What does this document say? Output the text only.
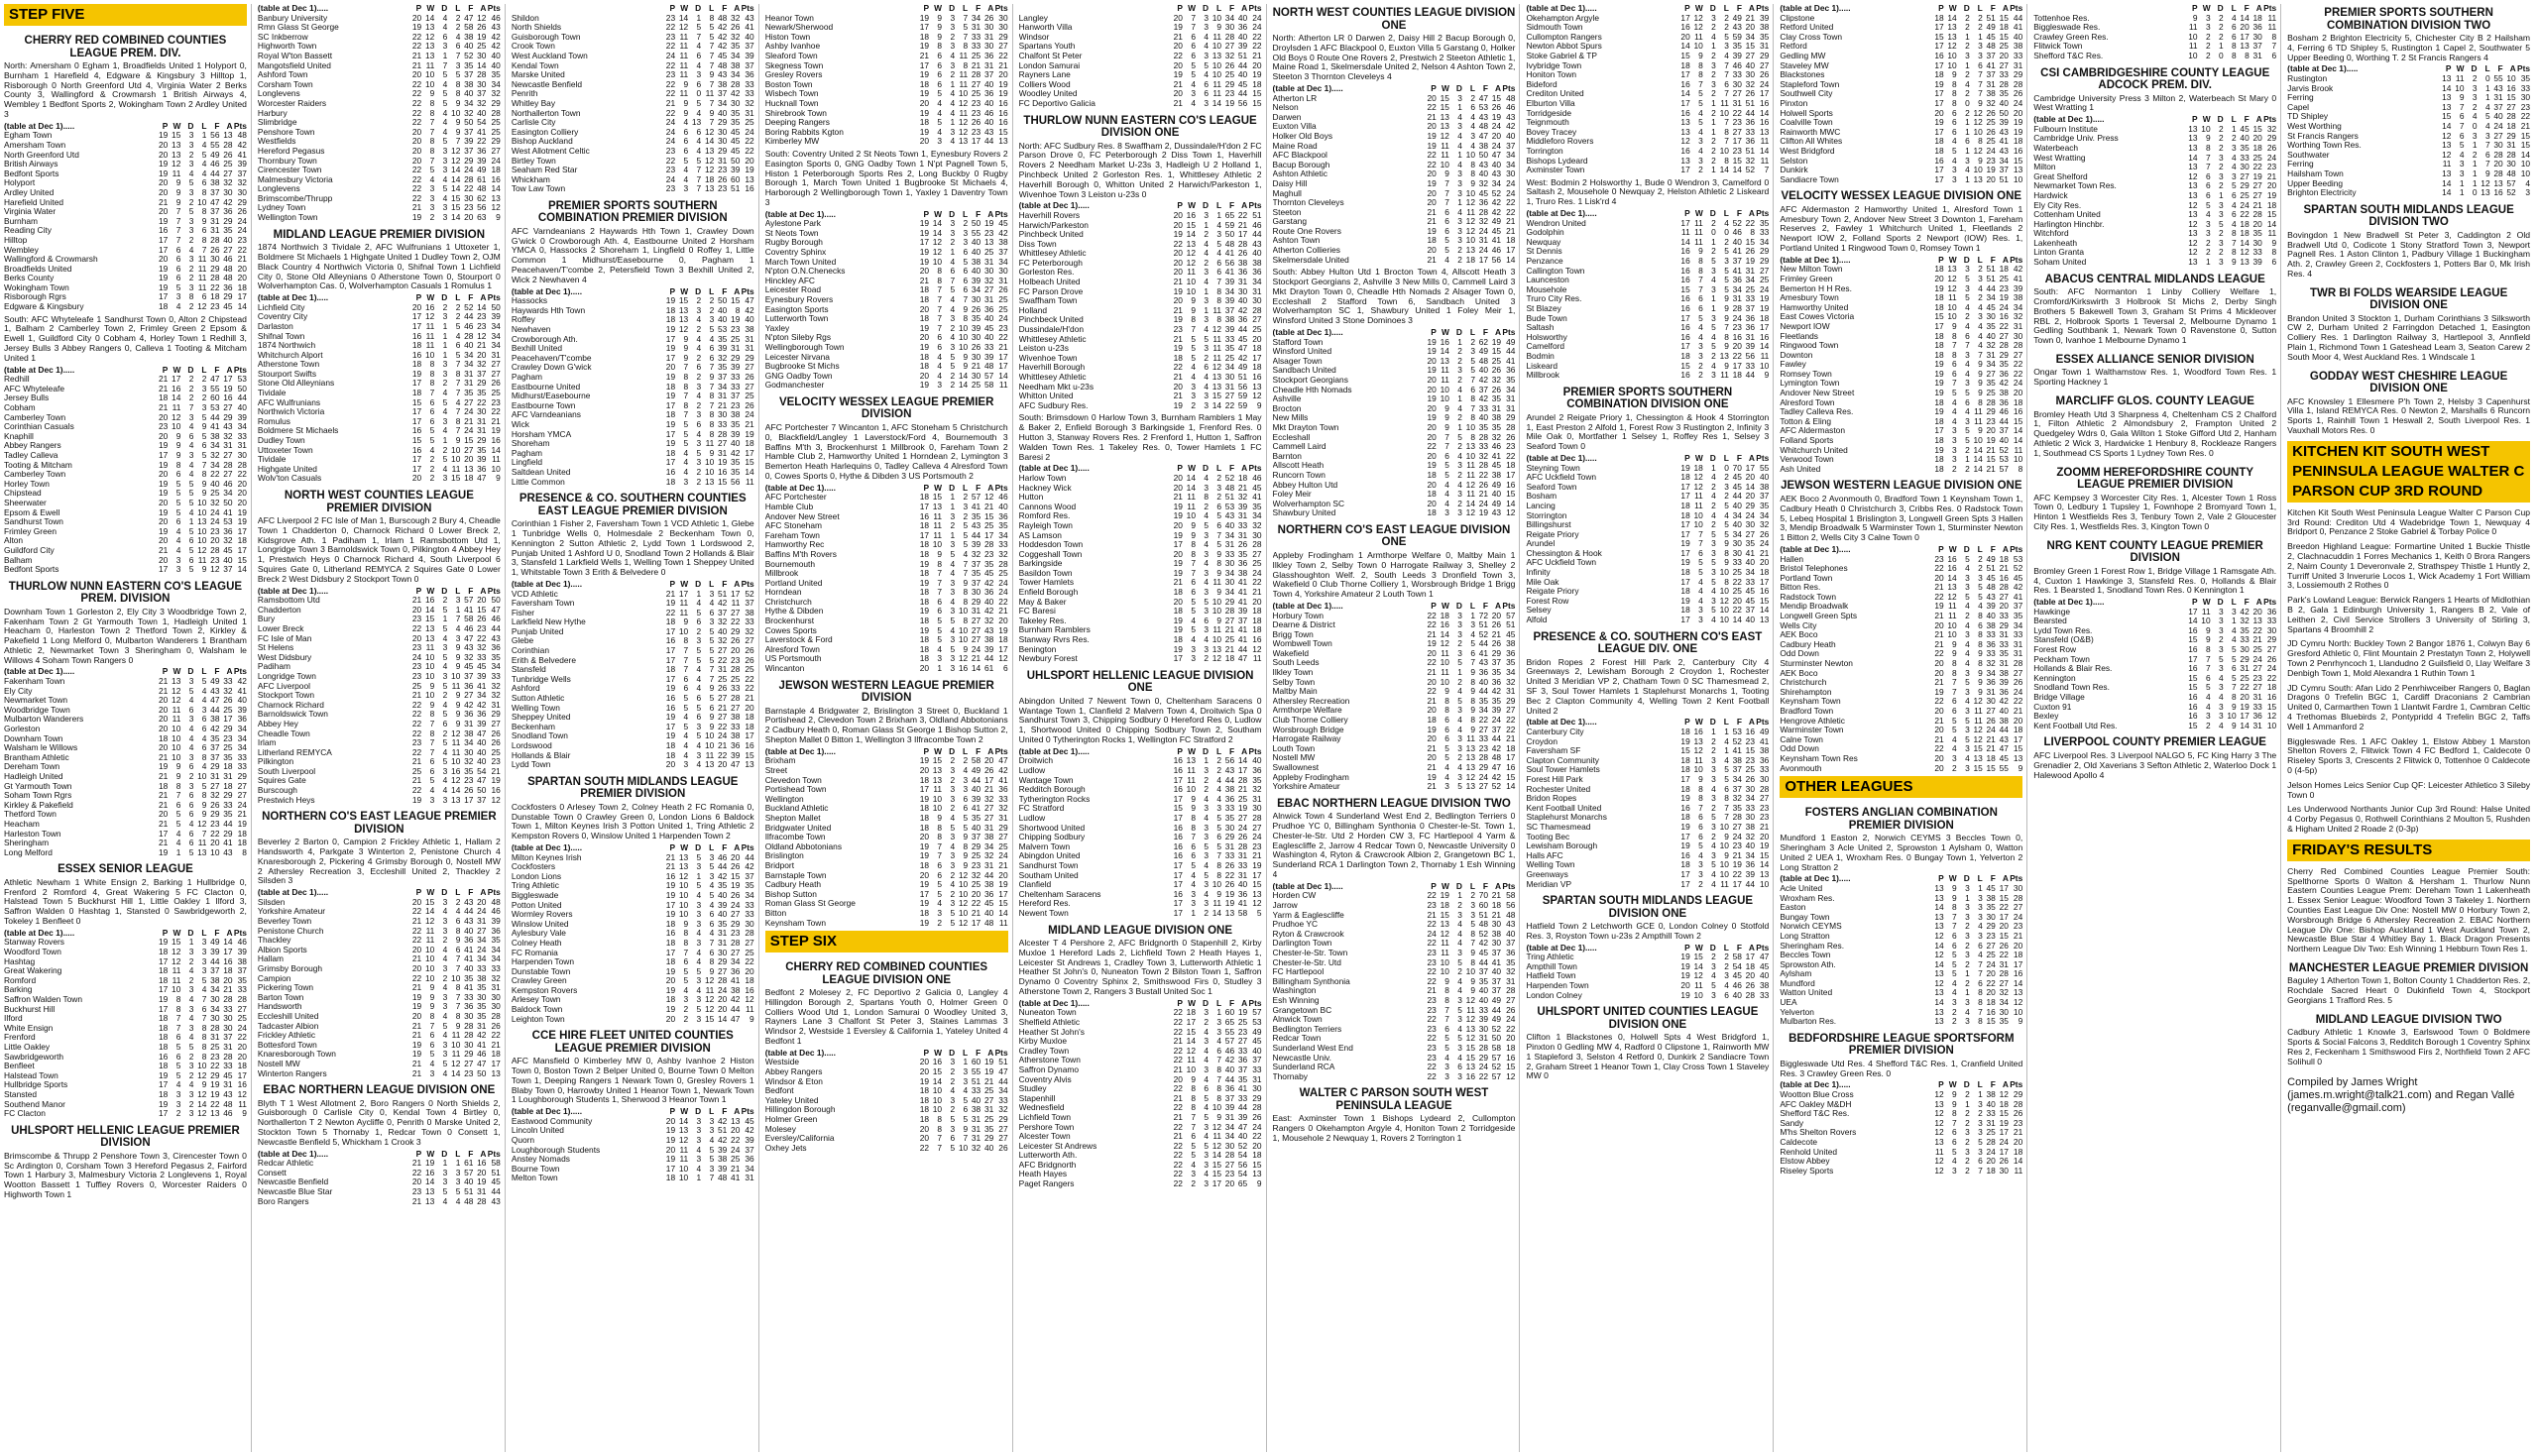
STEP FIVE
CHERRY RED COMBINED COUNTIES LEAGUE PREM. DIV.
North: Amersham 0 Egham 1, Broadfields United 1 Holyport 0, Burnham 1 Harefield 4, Edgware & Kingsbury 3 Hilltop 1, Risborough 0 North Greenford Utd 4, Virginia Water 2 Berks County 3, Wallingford & Crowmarsh 1 British Airways 4, Wembley 1 Bedfont Sports 2, Wokingham Town 2 Ardley United 3
(table at Dec 1).....	P	W	D	L	F	A	Pts
Egham Town	19	15	3	1	56	13	48
Amersham Town	20	13	3	4	55	28	42
North Greenford Utd	20	13	2	5	49	26	41
British Airways	19	12	3	4	46	25	39
Bedfont Sports	19	11	4	4	44	27	37
Holyport	20	9	5	6	38	32	32
Ardley United	20	9	3	8	37	30	30
Harefield United	21	9	2	10	47	42	29
Virginia Water	20	7	5	8	37	36	26
Burnham	19	7	3	9	31	29	24
Reading City	16	7	3	6	31	35	24
Hilltop	17	7	2	8	28	40	23
Wembley	17	6	4	7	26	27	22
Wallingford & Crowmarsh	20	6	3	11	30	46	21
Broadfields United	19	6	2	11	29	48	20
Berks County	19	6	2	11	28	48	20
Wokingham Town	19	5	3	11	22	36	18
Risborough Rgrs	17	3	8	6	18	29	17
Edgware & Kingsbury	18	4	2	12	23	45	14
South: AFC Whyteleafe 1 Sandhurst Town 0, Alton 2 Chipstead 1, Balham 2 Camberley Town 2, Frimley Green 2 Epsom & Ewell 1, Guildford City 0 Cobham 4, Horley Town 1 Redhill 3, Jersey Bulls 3 Abbey Rangers 0, Calleva 1 Tooting & Mitcham United 1
(table at Dec 1).....	P	W	D	L	F	A	Pts
Redhill	21	17	2	2	47	17	53
AFC Whyteleafe	21	16	2	3	55	19	50
Jersey Bulls	18	14	2	2	60	16	44
Cobham	21	11	7	3	53	27	40
Camberley Town	20	12	3	5	44	29	39
Corinthian Casuals	23	10	4	9	41	43	34
Knaphill	20	9	6	5	38	32	33
Abbey Rangers	19	9	4	6	34	31	31
Tadley Calleva	17	9	3	5	32	27	30
Tooting & Mitcham	19	8	4	7	34	28	28
Camberley Town	20	6	4	8	22	27	22
Horley Town	19	5	5	9	40	46	20
Chipstead	19	5	5	9	25	34	20
Sheerwater	20	5	5	10	32	50	20
Epsom & Ewell	19	5	4	10	24	41	19
Sandhurst Town	20	6	1	13	24	53	19
Frimley Green	19	4	5	10	23	36	17
Alton	20	4	6	10	20	32	18
Guildford City	21	4	5	12	28	45	17
Balham	20	3	6	11	23	40	15
Bedfont Sports	17	3	5	9	12	37	14
THURLOW NUNN EASTERN CO'S LEAGUE PREM. DIVISION
Downham Town 1 Gorleston 2, Ely City 3 Woodbridge Town 2, Fakenham Town 2 Gt Yarmouth Town 1, Hadleigh United 1 Heacham 0, Harleston Town 2 Thetford Town 2, Kirkley & Pakefield 1 Long Melford 0, Mulbarton Wanderers 1 Brantham Athletic 2, Newmarket Town 3 Sheringham 0, Walsham le Willows 4 Soham Town Rangers 0
(table at Dec 1).....	P	W	D	L	F	A	Pts
Fakenham Town	21	13	3	5	49	33	42
Ely City	21	12	5	4	43	32	41
Newmarket Town	20	12	4	4	47	26	40
Woodbridge Town	20	11	6	3	44	25	39
Mulbarton Wanderers	20	11	3	6	38	17	36
Gorleston	20	10	4	6	42	29	34
Downham Town	18	10	4	4	35	23	34
Walsham le Willows	20	10	4	6	37	25	34
Brantham Athletic	21	10	3	8	37	35	33
Dereham Town	19	9	6	4	29	18	33
Hadleigh United	21	9	2	10	31	31	29
Gt Yarmouth Town	18	8	3	5	27	18	27
Soham Town Rgrs	21	7	6	8	32	29	27
Kirkley & Pakefield	21	6	6	9	26	33	24
Thetford Town	20	5	6	9	29	35	21
Heacham	21	5	4	12	23	44	19
Harleston Town	17	4	6	7	22	29	18
Sheringham	21	4	6	11	20	41	18
Long Melford	19	1	5	13	10	43	8
ESSEX SENIOR LEAGUE
Athletic Newham 1 White Ensign 2, Barking 1 Hullbridge 0, Frenford 2 Romford 4, Great Wakering 5 FC Clacton 0, Halstead Town 5 Buckhurst Hill 1, Little Oakley 1 Ilford 3, Saffron Walden 0 Hashtag 1, Stansted 0 Sawbridgeworth 2, Tokeley 1 Benfleet 0
(table at Dec 1).....	P	W	D	L	F	A	Pts
Stanway Rovers	19	15	1	3	49	14	46
Woodford Town	18	12	3	3	39	17	39
Hashtag	17	12	2	3	44	16	38
Great Wakering	18	11	4	3	37	18	37
Romford	18	11	2	5	38	20	35
Barking	17	10	3	4	34	21	33
Saffron Walden Town	19	8	4	7	30	28	28
Buckhurst Hill	17	8	3	6	34	33	27
Ilford	18	7	4	7	30	30	25
White Ensign	18	7	3	8	28	30	24
Frenford	18	6	4	8	31	37	22
Little Oakley	18	5	5	8	25	31	20
Sawbridgeworth	16	6	2	8	23	28	20
Benfleet	18	5	3	10	22	33	18
Halstead Town	19	5	2	12	29	45	17
Hullbridge Sports	17	4	4	9	19	31	16
Stansted	18	3	3	12	19	43	12
Southend Manor	19	3	2	14	22	48	11
FC Clacton	17	2	3	12	13	46	9
UHLSPORT HELLENIC LEAGUE PREMIER DIVISION
Brimscombe & Thrupp 2 Penshore Town 3, Cirencester Town 0 Sc Ardington 0, Corsham Town 3 Hereford Pegasus 2, Fairford Town 1 Harbury 3, Malmesbury Victoria 2 Longlevens 1, Royal Wootton Bassett 1 Tuffley Rovers 0, Worcester Raiders 0 Highworth Town 1
(table at Dec 1).....	P	W	D	L	F	A	Pts
Banbury University	20	14	4	2	47	12	46
Rmn Glass St George	19	13	4	2	58	26	43
SC Inkberrow	22	12	6	4	38	19	42
Highworth Town	22	13	3	6	40	25	42
Royal W'ton Bassett	21	13	1	7	52	30	40
Mangotsfield United	21	11	7	3	35	14	40
Ashford Town	20	10	5	5	37	28	35
Corsham Town	22	10	4	8	38	30	34
Longlevens	22	9	5	8	40	37	32
Worcester Raiders	22	8	5	9	34	32	29
Harbury	22	8	4	10	32	40	28
Slimbridge	22	7	4	9	50	54	25
Penshore Town	20	7	4	9	37	41	25
Westfields	20	8	5	7	39	22	29
Hereford Pegasus	20	8	3	12	37	36	27
Thornbury Town	20	7	3	12	29	39	24
Cirencester Town	22	5	3	14	24	49	18
Malmesbury Victoria	22	4	4	14	28	61	16
Longlevens	22	3	5	14	22	48	14
Brimscombe/Thrupp	22	3	4	15	30	62	13
Lydney Town	21	3	3	15	23	56	12
Wellington Town	19	2	3	14	20	63	9
MIDLAND LEAGUE PREMIER DIVISION
1874 Northwich 3 Tividale 2, AFC Wulfrunians 1 Uttoxeter 1, Boldmere St Michaels 1 Highgate United 1 Dudley Town 2, OJM Black Country 4 Northwich Victoria 0, Shifnal Town 1 Lichfield City 0, Stone Old Alleynians 0 Atherstone Town 0, Stourport 0 Wolverhampton Cas. 0, Wolverhampton Casuals 1 Romulus 1
(table at Dec 1).....	P	W	D	L	F	A	Pts
Lichfield City	20	16	2	2	52	14	50
Coventry City	17	12	3	2	44	23	39
Darlaston	17	11	1	5	46	23	34
Shifnal Town	16	11	1	4	28	12	34
1874 Northwich	18	11	1	6	40	21	34
Whitchurch Alport	16	10	1	5	34	20	31
Atherstone Town	18	8	3	7	34	32	27
Stourport Swifts	19	8	3	8	31	37	27
Stone Old Alleynians	17	8	2	7	31	29	26
Tividale	18	7	4	7	35	35	25
AFC Wulfrunians	15	6	5	4	27	22	23
Northwich Victoria	17	6	4	7	24	30	22
Romulus	17	6	3	8	21	31	21
Boldmere St Michaels	16	5	4	7	24	31	19
Dudley Town	15	5	1	9	15	29	16
Uttoxeter Town	16	4	2	10	27	35	14
Tividale	17	2	5	10	20	39	11
Highgate United	17	2	4	11	13	36	10
Wolv'ton Casuals	20	2	3	15	18	47	9
NORTH WEST COUNTIES LEAGUE PREMIER DIVISION
AFC Liverpool 2 FC Isle of Man 1, Burscough 2 Bury 4, Cheadle Town 1 Chadderton 0, Charnock Richard 0 Lower Breck 2, Kidsgrove Ath. 1 Padiham 1, Irlam 1 Ramsbottom Utd 1, Longridge Town 3 Barnoldswick Town 0, Pilkington 4 Abbey Hey 1, Prestwich Heys 0 Charnock Richard 4, South Liverpool 6 Squires Gate 0, Litherland REMYCA 2 Squires Gate 0 Lower Breck 2 West Didsbury 2 Stockport Town 0
(table at Dec 1).....	P	W	D	L	F	A	Pts
Ramsbottom Utd	21	16	2	3	57	20	50
Chadderton	20	14	5	1	41	15	47
Bury	23	15	1	7	58	26	46
Lower Breck	22	13	5	4	46	23	44
FC Isle of Man	20	13	4	3	47	22	43
St Helens	23	11	3	9	43	32	36
West Didsbury	24	10	5	9	32	33	35
Padiham	23	10	4	9	45	45	34
Longridge Town	23	10	3	10	37	39	33
AFC Liverpool	25	9	5	11	36	41	32
Stockport Town	21	10	2	9	27	34	32
Charnock Richard	22	9	4	9	42	42	31
Barnoldswick Town	22	8	5	9	36	36	29
Abbey Hey	22	7	6	9	31	39	27
Cheadle Town	22	8	2	12	38	47	26
Irlam	23	7	5	11	34	40	26
Litherland REMYCA	22	7	4	11	30	40	25
Pilkington	21	6	5	10	32	40	23
South Liverpool	25	6	3	16	35	54	21
Squires Gate	21	5	4	12	23	47	19
Burscough	22	4	4	14	26	50	16
Prestwich Heys	19	3	3	13	17	37	12
NORTHERN CO'S EAST LEAGUE PREMIER DIVISION
Beverley 2 Barton 0, Campion 2 Frickley Athletic 1, Hallam 2 Handsworth 4, Parkgate 3 Winterton 2, Penistone Church 4 Knaresborough 2, Pickering 4 Grimsby Borough 0, Nostell MW 2 Athersley Recreation 3, Eccleshill United 2, Thackley 2 Silsden 3
(table at Dec 1).....	P	W	D	L	F	A	Pts
Silsden	20	15	3	2	43	20	48
Yorkshire Amateur	22	14	4	4	44	24	46
Beverley Town	21	12	3	6	43	31	39
Penistone Church	22	11	3	8	40	27	36
Thackley	22	11	2	9	36	34	35
Albion Sports	20	10	4	6	41	24	34
Hallam	21	10	4	7	41	34	34
Grimsby Borough	20	10	3	7	40	33	33
Campion	22	10	2	10	35	38	32
Pickering Town	21	9	4	8	41	35	31
Barton Town	19	9	3	7	33	30	30
Handsworth	19	9	3	7	36	35	30
Eccleshill United	20	8	4	8	30	35	28
Tadcaster Albion	21	7	5	9	28	31	26
Frickley Athletic	21	6	4	11	28	42	22
Bottesford Town	19	6	3	10	30	41	21
Knaresborough Town	19	5	3	11	29	46	18
Nostell MW	21	4	5	12	27	47	17
Winterton Rangers	21	3	4	14	23	50	13
EBAC NORTHERN LEAGUE DIVISION ONE
Blyth T 1 West Allotment 2, Boro Rangers 0 North Shields 2, Guisborough 0 Carlisle City 0, Kendal Town 4 Birtley 0, Northallerton T 2 Newton Aycliffe 0, Penrith 0 Marske United 2, Stockton Town 5 Thornaby 1, Redcar Town 0 Consett 1, Newcastle Benfield 5, Whickham 1 Crook 3
(table at Dec 1).....	P	W	D	L	F	A	Pts
Redcar Athletic	21	19	1	1	61	16	58
Consett	22	16	3	3	57	20	51
Newcastle Benfield	20	14	3	3	40	19	45
Newcastle Blue Star	23	13	5	5	51	31	44
Boro Rangers	21	13	4	4	48	28	43
	P	W	D	L	F	A	Pts
Shildon	23	14	1	8	48	32	43
North Shields	22	12	5	5	42	26	41
Guisborough Town	23	11	7	5	42	32	40
Crook Town	22	11	4	7	42	35	37
West Auckland Town	24	11	6	7	45	34	39
Kendal Town	22	11	4	7	48	38	37
Marske United	23	11	3	9	43	34	36
Newcastle Benfield	22	9	6	7	38	28	33
Penrith	22	11	0	11	37	42	33
Whitley Bay	21	9	5	7	34	30	32
Northallerton Town	22	9	4	9	40	35	31
Carlisle City	24	4	13	7	29	35	25
Easington Colliery	24	6	6	12	30	45	24
Bishop Auckland	24	6	4	14	30	45	22
West Allotment Celtic	23	6	4	13	29	45	22
Birtley Town	22	5	5	12	31	50	20
Seaham Red Star	23	4	7	12	23	39	19
Whickham	24	4	7	18	26	60	13
Tow Law Town	23	3	7	13	23	51	16
PREMIER SPORTS SOUTHERN COMBINATION PREMIER DIVISION
AFC Varndeanians 2 Haywards Hth Town 1, Crawley Down G'wick 0 Crowborough Ath. 4, Eastbourne United 2 Horsham YMCA 0, Hassocks 2 Shoreham 1, Lingfield 0 Roffey 1, Little Common 1 Midhurst/Easebourne 0, Pagham 1 Peacehaven/T'combe 2, Petersfield Town 3 Bexhill United 2, Wick 2 Newhaven 4
(table at Dec 1).....	P	W	D	L	F	A	Pts
Hassocks	19	15	2	2	50	15	47
Haywards Hth Town	18	13	3	2	40	8	42
Roffey	18	13	4	3	40	19	40
Newhaven	19	12	2	5	53	23	38
Crowborough Ath.	17	9	4	4	35	25	31
Bexhill United	19	9	4	6	39	31	31
Peacehaven/T'combe	17	9	2	6	32	29	29
Crawley Down G'wick	20	7	6	7	35	39	27
Pagham	19	8	2	9	37	33	26
Eastbourne United	18	8	3	7	34	33	27
Midhurst/Easebourne	19	7	4	8	31	37	25
Eastbourne Town	17	8	2	7	21	23	26
AFC Varndeanians	18	7	3	8	30	38	24
Wick	19	5	6	8	33	35	21
Horsham YMCA	17	5	4	8	28	39	19
Shoreham	19	5	3	11	27	40	18
Pagham	18	4	5	9	31	42	17
Lingfield	17	4	3	10	19	35	15
Saltdean United	16	4	2	10	16	35	14
Little Common	18	3	2	13	15	56	11
PRESENCE & CO. SOUTHERN COUNTIES EAST LEAGUE PREMIER DIVISION
Corinthian 1 Fisher 2, Faversham Town 1 VCD Athletic 1, Glebe 1 Tunbridge Wells 0, Holmesdale 2 Beckenham Town 0, Kennington 2 Sutton Athletic 2, Lydd Town 1 Lordswood 2, Punjab United 1 Ashford U 0, Snodland Town 2 Hollands & Blair 3, Stansfeld 1 Larkfield Wells 1, Welling Town 1 Sheppey United 1, Whitstable Town 3 Erith & Belvedere 0
(table at Dec 1).....	P	W	D	L	F	A	Pts
VCD Athletic	21	17	1	3	51	17	52
Faversham Town	19	11	4	4	42	11	37
Fisher	22	11	5	6	37	27	38
Larkfield New Hythe	18	9	6	3	32	22	33
Punjab United	17	10	2	5	40	29	32
Glebe	16	8	3	5	32	26	27
Corinthian	17	7	5	5	27	20	26
Erith & Belvedere	17	7	5	5	22	23	26
Stansfeld	18	7	4	7	31	28	25
Tunbridge Wells	17	6	4	7	25	25	22
Ashford	19	6	4	9	26	33	22
Sutton Athletic	16	5	6	5	27	28	21
Welling Town	16	5	5	6	21	27	20
Sheppey United	19	4	6	9	27	38	18
Beckenham	17	5	3	9	22	33	18
Snodland Town	19	4	5	10	24	38	17
Lordswood	18	4	4	10	21	36	16
Hollands & Blair	18	4	3	11	22	39	15
Lydd Town	20	3	4	13	20	47	13
SPARTAN SOUTH MIDLANDS LEAGUE PREMIER DIVISION
Cockfosters 0 Arlesey Town 2, Colney Heath 2 FC Romania 0, Dunstable Town 0 Crawley Green 0, London Lions 6 Baldock Town 1, Milton Keynes Irish 3 Potton United 1, Tring Athletic 2 Kempston Rovers 0, Winslow United 1 Harpenden Town 2
(table at Dec 1).....	P	W	D	L	F	A	Pts
Milton Keynes Irish	21	13	5	3	46	20	44
Cockfosters	21	13	3	5	44	26	42
London Lions	16	12	1	3	42	15	37
Tring Athletic	19	10	5	4	35	19	35
Biggleswade	19	10	4	5	40	26	34
Potton United	17	10	3	4	39	24	33
Wormley Rovers	19	10	3	6	40	27	33
Winslow United	18	9	3	6	35	29	30
Aylesbury Vale	16	8	4	4	31	23	28
Colney Heath	18	8	3	7	31	28	27
FC Romania	17	7	4	6	30	27	25
Harpenden Town	18	6	4	8	29	34	22
Dunstable Town	19	5	5	9	27	36	20
Crawley Green	20	5	3	12	28	41	18
Kempston Rovers	19	4	4	11	24	38	16
Arlesey Town	18	3	3	12	20	42	12
Baldock Town	19	2	5	12	20	44	11
Leighton Town	20	2	3	15	14	47	9
CCE HIRE FLEET UNITED COUNTIES LEAGUE PREMIER DIVISION
AFC Mansfield 0 Kimberley MW 0, Ashby Ivanhoe 2 Histon Town 0, Boston Town 2 Belper United 0, Bourne Town 0 Melton Town 1, Deeping Rangers 1 Newark Town 0, Gresley Rovers 1 Blaby Town 0, Harrowby United 1 Heanor Town 1, Newark Town 1 Loughborough Students 1, Sherwood 3 Heanor Town 1
(table at Dec 1).....	P	W	D	L	F	A	Pts
Eastwood Community	20	14	3	3	42	13	45
Lincoln United	19	13	3	3	51	20	42
Quorn	19	12	3	4	42	22	39
Loughborough Students	20	11	4	5	39	24	37
Anstey Nomads	19	11	3	5	38	25	36
Bourne Town	17	10	4	3	39	21	34
Melton Town	18	10	1	7	48	41	31
	P	W	D	L	F	A	Pts
Heanor Town	19	9	3	7	34	26	30
Newark/Sherwood	17	9	3	5	31	30	30
Histon Town	18	9	2	7	33	31	29
Ashby Ivanhoe	19	8	3	8	33	30	27
Sleaford Town	21	6	4	11	25	36	22
Skegness Town	17	6	3	8	21	31	21
Gresley Rovers	19	6	2	11	28	37	20
Boston Town	18	6	1	11	27	40	19
Wisbech Town	19	5	4	10	25	36	19
Hucknall Town	20	4	4	12	23	40	16
Shirebrook Town	19	4	4	11	23	46	16
Deeping Rangers	18	5	1	12	26	40	16
Boring Rabbits Kgton	19	4	3	12	23	43	15
Kimberley MW	20	3	4	13	17	44	13
South: Coventry United 2 St Neots Town 1, Eynesbury Rovers 2 Easington Sports 0, GNG Oadby Town 1 N'pt Pagnell Town 5, Histon 1 Peterborough Sports Res 2, Long Buckby 0 Rugby Borough 1, March Town United 1 Bugbrooke St Michaels 4, Harborough 2 Wellingborough Town 1, Yaxley 1 Daventry Town 3
(table at Dec 1).....	P	W	D	L	F	A	Pts
Aylestone Park	19	14	3	2	50	19	45
St Neots Town	19	14	3	3	55	23	42
Rugby Borough	17	12	2	3	40	13	38
Coventry Sphinx	19	12	1	6	40	25	37
March Town United	19	10	4	5	38	31	34
N'pton O.N.Chenecks	20	8	6	6	40	30	30
Hinckley AFC	21	8	7	6	39	32	31
Leicester Road	18	7	5	6	34	27	26
Eynesbury Rovers	18	7	4	7	30	31	25
Easington Sports	20	7	4	9	26	36	25
Lutterworth Town	18	7	3	8	35	40	24
Yaxley	19	7	2	10	39	45	23
N'pton Sileby Rgs	20	6	4	10	30	40	22
Wellingborough Town	19	6	3	10	26	33	21
Leicester Nirvana	18	4	5	9	30	39	17
Bugbrooke St Michs	18	4	5	9	21	48	17
GNG Oadby Town	20	4	2	14	30	57	14
Godmanchester	19	3	2	14	25	58	11
VELOCITY WESSEX LEAGUE PREMIER DIVISION
AFC Portchester 7 Wincanton 1, AFC Stoneham 5 Christchurch 0, Blackfield/Langley 1 Laverstock/Ford 4, Bournemouth 3 Baffins M'th 3, Brockenhurst 1 Millbrook 0, Fareham Town 2 Hamble Club 2, Hamworthy United 1 Horndean 2, Lymington 3 Bemerton Heath Harlequins 0, Tadley Calleva 4 Alresford Town 0, Cowes Sports 0, Hythe & Dibden 3 US Portsmouth 2
(table at Dec 1).....	P	W	D	L	F	A	Pts
AFC Portchester	18	15	1	2	57	12	46
Hamble Club	17	13	1	3	41	21	40
Andover New Street	16	11	3	2	35	15	36
AFC Stoneham	18	11	2	5	43	25	35
Fareham Town	17	11	1	5	44	17	34
Hamworthy Rec	18	10	3	5	39	28	33
Baffins M'th Rovers	18	9	5	4	32	23	32
Bournemouth	19	8	4	7	37	35	28
Millbrook	18	7	4	7	35	45	25
Portland United	19	7	3	9	37	42	24
Horndean	18	7	3	8	30	36	24
Christchurch	18	6	4	8	29	40	22
Hythe & Dibden	19	6	3	10	31	42	21
Brockenhurst	18	5	5	8	27	32	20
Cowes Sports	19	5	4	10	27	43	19
Laverstock & Ford	18	5	3	10	27	38	18
Alresford Town	18	4	5	9	24	39	17
US Portsmouth	18	3	3	12	21	44	12
Wincanton	20	1	3	16	14	61	6
JEWSON WESTERN LEAGUE PREMIER DIVISION
Barnstaple 4 Bridgwater 2, Brislington 3 Street 0, Buckland 1 Portishead 2, Clevedon Town 2 Brixham 3, Oldland Abbotonians 2 Cadbury Heath 0, Roman Glass St George 1 Bishop Sutton 2, Shepton Mallet 0 Bitton 1, Wellington 3 Ilfracombe Town 2
(table at Dec 1).....	P	W	D	L	F	A	Pts
Brixham	19	15	2	2	58	20	47
Street	20	13	3	4	49	26	42
Clevedon Town	18	13	2	3	44	17	41
Portishead Town	17	11	3	3	40	21	36
Wellington	19	10	3	6	39	32	33
Buckland Athletic	18	10	2	6	41	27	32
Shepton Mallet	18	9	4	5	35	27	31
Bridgwater United	18	8	5	5	40	31	29
Ilfracombe Town	20	8	3	9	37	38	27
Oldland Abbotonians	19	7	4	8	29	34	25
Brislington	19	7	3	9	25	32	24
Bridport	18	6	3	9	23	31	21
Barnstaple Town	20	6	2	12	32	44	20
Cadbury Heath	19	5	4	10	25	38	19
Bishop Sutton	17	5	2	10	20	36	17
Roman Glass St George	19	4	3	12	22	45	15
Bitton	18	3	5	10	21	40	14
Keynsham Town	19	2	5	12	17	48	11
STEP SIX
CHERRY RED COMBINED COUNTIES LEAGUE DIVISION ONE
Bedfont 2 Molesey 2, FC Deportivo 2 Galicia 0, Langley 4 Hillingdon Borough 2, Spartans Youth 0, Holmer Green 0 Colliers Wood Utd 1, London Samurai 0 Woodley United 3, Rayners Lane 3 Chalfont St Peter 3, Staines Lammas 3 Windsor 2, Westside 1 Eversley & California 1, Yateley United 4 Bedfont 1
(table at Dec 1).....	P	W	D	L	F	A	Pts
Westside	20	16	3	1	60	19	51
Abbey Rangers	20	15	2	3	55	19	47
Windsor & Eton	19	14	2	3	51	21	44
Bedfont	18	10	4	4	33	25	34
Yateley United	18	10	3	5	40	27	33
Hillingdon Borough	18	10	2	6	38	31	32
Holmer Green	18	8	5	5	31	25	29
Molesey	20	8	3	9	31	35	27
Eversley/California	20	7	6	7	31	29	27
Oxhey Jets	22	7	5	10	32	40	26
	P	W	D	L	F	A	Pts
Langley	20	7	3	10	34	40	24
Hanworth Villa	19	7	3	9	30	36	24
Windsor	21	6	4	11	28	40	22
Spartans Youth	20	6	4	10	27	39	22
Chalfont St Peter	22	6	3	13	32	51	21
London Samurai	20	5	5	10	26	44	20
Rayners Lane	19	5	4	10	25	40	19
Colliers Wood	21	4	6	11	29	45	18
Woodley United	20	3	6	11	23	44	15
FC Deportivo Galicia	21	4	3	14	19	56	15
THURLOW NUNN EASTERN CO'S LEAGUE DIVISION ONE
North: AFC Sudbury Res. 8 Swaffham 2, Dussindale/H'don 2 FC Parson Drove 0, FC Peterborough 2 Diss Town 1, Haverhill Rovers 2 Needham Market U-23s 3, Hadleigh U 2 Holland 1, Pinchbeck United 2 Gorleston Res. 1, Whittlesey Athletic 2 Haverhill Borough 0, Whitton United 2 Harwich/Parkeston 1, Wivenhoe Town 3 Leiston u-23s 0
(table at Dec 1).....	P	W	D	L	F	A	Pts
Haverhill Rovers	20	16	3	1	65	22	51
Harwich/Parkeston	20	15	1	4	59	21	46
Pinchbeck United	19	14	2	3	50	17	44
Diss Town	22	13	4	5	48	28	43
Whittlesey Athletic	20	12	4	4	41	26	40
FC Peterborough	20	12	2	6	56	38	38
Gorleston Res.	20	11	3	6	41	36	36
Holbeach United	21	10	4	7	39	31	34
FC Parson Drove	19	10	1	8	34	30	31
Swaffham Town	20	9	3	8	39	40	30
Holland	21	9	1	11	37	42	28
Pinchbeck United	19	8	3	8	38	36	27
Dussindale/H'don	23	7	4	12	39	44	25
Whittlesey Athletic	21	5	5	11	33	45	20
Leiston u-23s	19	5	3	11	35	47	18
Wivenhoe Town	18	5	2	11	25	42	17
Haverhill Borough	22	4	6	12	34	49	18
Whittlesey Athletic	21	4	4	13	30	51	16
Needham Mkt u-23s	20	3	4	13	31	56	13
Whitton United	21	3	3	15	27	59	12
AFC Sudbury Res.	19	2	3	14	22	59	9
South: Brimsdown 0 Harlow Town 3, Burnham Ramblers 1 May & Baker 2, Enfield Borough 3 Barkingside 1, Frenford Res. 0 Hutton 3, Stanway Rovers Res. 2 Frenford 1, Hutton 1, Saffron Walden Town Res. 1 Takeley Res. 0, Tower Hamlets 1 FC Baresi 2
(table at Dec 1).....	P	W	D	L	F	A	Pts
Harlow Town	20	14	4	2	52	18	46
Hackney Wick	20	14	3	3	48	21	45
Hutton	21	11	8	2	51	32	41
Cannons Wood	19	11	2	6	53	39	35
Romford Res.	19	10	4	5	43	31	34
Rayleigh Town	20	9	5	6	40	33	32
AS Lamson	19	9	3	7	34	31	30
Hoddesdon Town	17	8	4	5	31	26	28
Coggeshall Town	20	8	3	9	33	35	27
Barkingside	19	7	4	8	30	36	25
Basildon Town	19	7	3	9	34	38	24
Tower Hamlets	21	6	4	11	30	41	22
Enfield Borough	18	6	3	9	34	41	21
May & Baker	20	5	5	10	29	41	20
FC Baresi	18	5	3	10	28	39	18
Takeley Res.	19	4	6	9	27	37	18
Burnham Ramblers	19	5	3	11	21	41	18
Stanway Rvrs Res.	18	4	4	10	25	41	16
Benington	19	3	3	13	21	44	12
Newbury Forest	17	3	2	12	18	47	11
UHLSPORT HELLENIC LEAGUE DIVISION ONE
Abingdon United 7 Newent Town 0, Cheltenham Saracens 0 Wantage Town 1, Clanfield 2 Malvern Town 4, Droitwich Spa 0 Sandhurst Town 3, Chipping Sodbury 0 Hereford Res 0, Ludlow 1, Shortwood United 0 Chipping Sodbury Town 2, Southam United 0 Tytherington Rocks 1, Wellington FC Stratford 2
(table at Dec 1).....	P	W	D	L	F	A	Pts
Droitwich	16	13	1	2	56	14	40
Ludlow	16	11	3	2	43	17	36
Wantage Town	17	11	2	4	44	28	35
Redditch Borough	16	10	2	4	38	21	32
Tytherington Rocks	17	9	4	4	36	25	31
FC Stratford	15	9	3	3	33	19	30
Ludlow	17	8	4	5	35	27	28
Shortwood United	16	8	3	5	30	24	27
Chipping Sodbury	16	7	3	6	29	26	24
Malvern Town	16	6	5	5	31	28	23
Abingdon United	16	6	3	7	33	31	21
Sandhurst Town	17	5	4	8	26	33	19
Southam United	17	4	5	8	22	31	17
Clanfield	17	4	3	10	26	40	15
Cheltenham Saracens	16	3	4	9	19	36	13
Hereford Res.	17	3	3	11	19	41	12
Newent Town	17	1	2	14	13	58	5
MIDLAND LEAGUE DIVISION ONE
Alcester T 4 Pershore 2, AFC Bridgnorth 0 Stapenhill 2, Kirby Muxloe 1 Hereford Lads 2, Lichfield Town 2 Heath Hayes 1, Leicester St Andrews 1, Cradley Town 3, Lutterworth Athletic 1 Heather St John's 0, Nuneaton Town 2 Bilston Town 1, Saffron Dynamo 0 Coventry Sphinx 2, Smithswood Firs 0, Studley 3 Atherstone Town 2, Rangers 3 Bustall United Soc 1
(table at Dec 1).....	P	W	D	L	F	A	Pts
Nuneaton Town	22	18	3	1	60	19	57
Shelfield Athletic	22	17	2	3	65	25	53
Heather St John's	22	15	4	3	55	23	49
Kirby Muxloe	21	14	3	4	57	27	45
Cradley Town	22	12	4	6	46	33	40
Atherstone Town	22	11	4	7	42	36	37
Saffron Dynamo	21	10	3	8	40	37	33
Coventry Alvis	20	9	4	7	44	35	31
Studley	22	8	6	8	36	41	30
Stapenhill	21	8	5	8	37	33	29
Wednesfield	22	8	4	10	39	44	28
Lichfield Town	21	7	5	9	31	39	26
Pershore Town	22	7	3	12	34	47	24
Alcester Town	21	6	4	11	34	40	22
Leicester St Andrews	22	5	5	12	30	52	20
Lutterworth Ath.	22	5	3	14	28	54	18
AFC Bridgnorth	22	4	3	15	27	56	15
Heath Hayes	22	3	4	15	23	54	13
Paget Rangers	22	2	3	17	20	65	9
NORTH WEST COUNTIES LEAGUE DIVISION ONE
North: Atherton LR 0 Darwen 2, Daisy Hill 2 Bacup Borough 0, Droylsden 1 AFC Blackpool 0, Euxton Villa 5 Garstang 0, Holker Old Boys 0 Route One Rovers 2, Prestwich 2 Steeton Athletic 1, Maine Road 1, Skelmersdale United 2, Nelson 4 Ashton Town 2, Steeton 3 Thornton Cleveleys 4
(table at Dec 1).....	P	W	D	L	F	A	Pts
Atherton LR	20	15	3	2	47	15	48
Nelson	22	15	1	6	53	26	46
Darwen	21	13	4	4	43	19	43
Euxton Villa	20	13	3	4	48	24	42
Holker Old Boys	19	12	4	3	47	20	40
Maine Road	19	11	4	4	38	24	37
AFC Blackpool	22	11	1	10	50	47	34
Bacup Borough	22	10	4	8	43	40	34
Ashton Athletic	20	9	3	8	40	43	30
Daisy Hill	19	7	3	9	32	34	24
Maghull	20	7	3	10	45	52	24
Thornton Cleveleys	20	7	1	12	36	42	22
Steeton	21	6	4	11	28	42	22
Garstang	21	6	3	12	32	49	21
Route One Rovers	19	6	3	12	24	45	21
Ashton Town	18	5	3	10	31	41	18
Atherton Collieries	20	5	2	13	24	46	17
Skelmersdale United	21	4	2	18	17	56	14
South: Abbey Hulton Utd 1 Brocton Town 4, Allscott Heath 3 Stockport Georgians 2, Ashville 3 New Mills 0, Cammell Laird 3 Mkt Drayton Town 0, Cheadle Hth Nomads 2 Alsager Town 0, Eccleshall 2 Stafford Town 6, Sandbach United 3 Wolverhampton SC 1, Shawbury United 1 Foley Meir 1, Winsford United 3 Stone Dominoes 3
(table at Dec 1).....	P	W	D	L	F	A	Pts
Stafford Town	19	16	1	2	62	19	49
Winsford United	19	14	2	3	49	15	44
Alsager Town	20	13	2	5	48	25	41
Sandbach United	19	11	3	5	40	26	36
Stockport Georgians	20	11	2	7	42	32	35
Cheadle Hth Nomads	20	10	4	6	37	26	34
Ashville	19	10	1	8	42	35	31
Brocton	20	9	4	7	33	31	31
New Mills	19	9	2	8	40	38	29
Mkt Drayton Town	20	9	1	10	35	35	28
Eccleshall	20	7	5	8	28	32	26
Cammell Laird	22	7	2	13	33	46	23
Barnton	20	6	4	10	32	41	22
Allscott Heath	19	5	3	11	28	45	18
Runcorn Town	18	5	2	11	22	38	17
Abbey Hulton Utd	20	4	4	12	26	49	16
Foley Meir	18	4	3	11	21	40	15
Wolverhampton SC	20	4	2	14	24	49	14
Shawbury United	18	3	3	12	19	43	12
NORTHERN CO'S EAST LEAGUE DIVISION ONE
Appleby Frodingham 1 Armthorpe Welfare 0, Maltby Main 1 Ilkley Town 2, Selby Town 0 Harrogate Railway 3, Shelley 2 Glasshoughton Welf. 2, South Leeds 3 Dronfield Town 3, Wakefield 0 Club Thorne Colliery 1, Worsbrough Bridge 1 Brigg Town 4, Yorkshire Amateur 2 Louth Town 1
(table at Dec 1).....	P	W	D	L	F	A	Pts
Horbury Town	22	18	3	1	72	20	57
Dearne & District	22	16	3	3	51	26	51
Brigg Town	21	14	3	4	52	21	45
Wombwell Town	19	12	2	5	44	26	38
Wakefield	20	11	3	6	41	29	36
South Leeds	22	10	5	7	43	37	35
Ilkley Town	21	11	1	9	36	35	34
Selby Town	20	10	2	8	40	36	32
Maltby Main	22	9	4	9	44	42	31
Athersley Recreation	21	8	5	8	35	35	29
Armthorpe Welfare	20	8	3	9	34	39	27
Club Thorne Colliery	18	6	4	8	22	24	22
Worsbrough Bridge	19	6	4	9	27	37	22
Harrogate Railway	20	6	3	11	33	44	21
Louth Town	21	5	3	13	23	42	18
Nostell MW	20	5	2	13	28	48	17
Swallownest	21	4	4	13	29	47	16
Appleby Frodingham	19	4	3	12	24	42	15
Yorkshire Amateur	21	3	5	13	27	52	14
EBAC NORTHERN LEAGUE DIVISION TWO
Alnwick Town 4 Sunderland West End 2, Bedlington Terriers 0 Prudhoe YC 0, Billingham Synthonia 0 Chester-le-St. Town 1, Chester-le-Str. Utd 2 Horden CW 3, FC Hartlepool 4 Yarm & Eaglescliffe 2, Jarrow 4 Redcar Town 0, Newcastle University 0 Washington 4, Ryton & Crawcrook Albion 2, Grangetown BC 1, Sunderland RCA 1 Darlington Town 2, Thornaby 1 Esh Winning 4
(table at Dec 1).....	P	W	D	L	F	A	Pts
Horden CW	22	19	1	2	70	21	58
Jarrow	23	18	2	3	60	18	56
Yarm & Eaglescliffe	21	15	3	3	51	21	48
Prudhoe YC	22	13	4	5	48	30	43
Ryton & Crawcrook	24	12	4	8	52	38	40
Darlington Town	22	11	4	7	42	30	37
Chester-le-Str. Town	23	11	3	9	45	37	36
Chester-le-Str. Utd	23	10	5	8	44	41	35
FC Hartlepool	22	10	2	10	37	40	32
Billingham Synthonia	22	9	4	9	35	37	31
Washington	21	8	4	9	40	37	28
Esh Winning	23	8	3	12	40	49	27
Grangetown BC	23	7	5	11	33	44	26
Alnwick Town	22	7	3	12	39	49	24
Bedlington Terriers	23	6	4	13	30	52	22
Redcar Town	22	5	5	12	31	50	20
Sunderland West End	23	5	3	15	28	58	18
Newcastle Univ.	23	4	4	15	29	57	16
Sunderland RCA	22	3	6	13	24	52	15
Thornaby	22	3	3	16	22	57	12
WALTER C PARSON SOUTH WEST PENINSULA LEAGUE
East: Axminster Town 1 Bishops Lydeard 2, Cullompton Rangers 0 Okehampton Argyle 4, Honiton Town 2 Torridgeside 1, Mousehole 2 Newquay 1, Rovers 2 Torrington 1
(table at Dec 1).....	P	W	D	L	F	A	Pts
Okehampton Argyle	17	12	3	2	49	21	39
Sidmouth Town	16	12	2	2	43	20	38
Cullompton Rangers	20	11	4	5	59	34	35
Newton Abbot Spurs	14	10	1	3	35	15	31
Stoke Gabriel & TP	15	9	2	4	39	27	29
Ivybridge Town	18	8	3	7	46	40	27
Honiton Town	17	8	2	7	33	30	26
Bideford	16	7	3	6	30	32	24
Crediton United	14	5	2	7	27	26	17
Elburton Villa	17	5	1	11	31	51	16
Torridgeside	16	4	2	10	22	44	14
Teignmouth	13	5	1	7	23	36	16
Bovey Tracey	13	4	1	8	27	33	13
Middleforo Rovers	12	3	2	7	17	36	11
Torrington	16	4	2	10	23	51	14
Bishops Lydeard	13	3	2	8	15	32	11
Axminster Town	17	2	1	14	14	52	7
West: Bodmin 2 Holsworthy 1, Bude 0 Wendron 3, Camelford 0 Saltash 2, Mousehole 0 Newquay 2, Helston Athletic 2 Liskeard 1, Truro Res. 1 Lisk'rd 4
(table at Dec 1).....	P	W	D	L	F	A	Pts
Wendron United	17	11	2	4	52	22	35
Godolphin	11	11	0	0	46	8	33
Newquay	14	11	1	2	40	15	34
St Dennis	16	9	2	5	41	26	29
Penzance	16	8	5	3	37	19	29
Callington Town	16	8	3	5	41	31	27
Launceston	16	7	4	5	36	34	25
Mousehole	15	7	3	5	34	25	24
Truro City Res.	16	6	1	9	31	33	19
St Blazey	16	6	1	9	28	37	19
Bude Town	17	5	3	9	24	36	18
Saltash	16	4	5	7	23	36	17
Holsworthy	16	4	4	8	16	31	16
Camelford	17	3	5	9	20	39	14
Bodmin	18	3	2	13	22	56	11
Liskeard	15	2	4	9	17	33	10
Millbrook	16	2	3	11	18	44	9
PREMIER SPORTS SOUTHERN COMBINATION DIVISION ONE
Arundel 2 Reigate Priory 1, Chessington & Hook 4 Storrington 1, East Preston 2 Alfold 1, Forest Row 3 Rustington 2, Infinity 3 Mile Oak 0, Mortfather 1 Selsey 1, Roffey Res 1, Selsey 3 Seaford Town 0
(table at Dec 1).....	P	W	D	L	F	A	Pts
Steyning Town	19	18	1	0	70	17	55
AFC Uckfield Town	18	12	4	2	45	20	40
Seaford Town	17	12	2	3	45	14	38
Bosham	17	11	4	2	44	20	37
Lancing	18	11	2	5	40	29	35
Storrington	18	10	4	4	34	24	34
Billingshurst	17	10	2	5	40	30	32
Reigate Priory	17	7	5	5	34	27	26
Arundel	19	7	3	9	30	35	24
Chessington & Hook	17	6	3	8	30	41	21
AFC Uckfield Town	19	5	5	9	33	40	20
Infinity	18	5	3	10	25	34	18
Mile Oak	17	4	5	8	22	33	17
Reigate Priory	18	4	4	10	25	45	16
Forest Row	19	4	3	12	20	45	15
Selsey	18	3	5	10	22	37	14
Alfold	17	3	4	10	14	40	13
PRESENCE & CO. SOUTHERN CO'S EAST LEAGUE DIV. ONE
Bridon Ropes 2 Forest Hill Park 2, Canterbury City 4 Greenways 2, Lewisham Borough 2 Croydon 1, Rochester United 3 Meridian VP 2, Chatham Town 0 SC Thamesmead 2, SF 3, Soul Tower Hamlets 1 Staplehurst Monarchs 1, Tooting Bec 2 Clapton Community 4, Welling Town 2 Kent Football United 2
(table at Dec 1).....	P	W	D	L	F	A	Pts
Canterbury City	18	16	1	1	53	16	49
Croydon	19	13	2	4	52	23	41
Faversham SF	15	12	2	1	41	15	38
Clapton Community	18	11	3	4	38	23	36
Soul Tower Hamlets	18	10	3	5	37	25	33
Forest Hill Park	17	9	3	5	34	26	30
Rochester United	18	8	4	6	37	30	28
Bridon Ropes	19	8	3	8	32	34	27
Kent Football United	16	7	2	7	35	33	23
Staplehurst Monarchs	18	6	5	7	28	30	23
SC Thamesmead	19	6	3	10	27	38	21
Tooting Bec	17	6	2	9	24	32	20
Lewisham Borough	19	5	4	10	23	40	19
Halls AFC	16	4	3	9	21	34	15
Welling Town	18	3	5	10	19	36	14
Greenways	17	3	4	10	22	39	13
Meridian VP	17	2	4	11	17	44	10
SPARTAN SOUTH MIDLANDS LEAGUE DIVISION ONE
Hatfield Town 2 Letchworth GCE 0, London Colney 0 Stotfold Res. 3, Royston Town u-23s 2 Ampthill Town 2
(table at Dec 1).....	P	W	D	L	F	A	Pts
Tring Athletic	19	15	2	2	58	17	47
Ampthill Town	19	14	3	2	54	18	45
Hatfield Town	19	12	4	3	45	20	40
Harpenden Town	20	11	5	4	46	26	38
London Colney	19	10	3	6	40	28	33
UHLSPORT UNITED COUNTIES LEAGUE DIVISION ONE
Clifton 1 Blackstones 0, Holwell Spts 4 West Bridgford 1, Pinxton 0 Gedling MW 4, Radford 0 Clipstone 1, Rainworth MW 1 Stapleford 3, Selston 4 Retford 0, Dunkirk 2 Sandiacre Town 2, Graham Street 1 Heanor Town 1, Clay Cross Town 1 Staveley MW 0
(table at Dec 1).....	P	W	D	L	F	A	Pts
Clipstone	18	14	2	2	51	15	44
Retford United	17	13	2	2	49	18	41
Clay Cross Town	15	13	1	1	45	15	40
Retford	17	12	2	3	48	25	38
Gedling MW	16	10	3	3	37	20	33
Staveley MW	17	10	1	6	41	27	31
Blackstones	18	9	2	7	37	33	29
Stapleford Town	19	8	4	7	31	28	28
Southwell City	17	8	2	7	38	35	26
Pinxton	17	8	0	9	32	40	24
Holwell Sports	20	6	2	12	26	50	20
Coalville Town	19	6	1	12	25	39	19
Rainworth MWC	17	6	1	10	26	43	19
Clifton All Whites	18	4	6	8	25	41	18
West Bridgford	18	5	1	12	24	43	16
Selston	16	4	3	9	23	34	15
Dunkirk	17	3	4	10	19	37	13
Sandiacre Town	17	3	1	13	20	51	10
VELOCITY WESSEX LEAGUE DIVISION ONE
AFC Aldermaston 2 Hamworthy United 1, Alresford Town 1 Amesbury Town 2, Andover New Street 3 Downton 1, Fareham Reserves 2, Fawley 1 Whitchurch United 1, Fleetlands 2 Newport IOW 2, Folland Sports 2 Newport (IOW) Res. 1, Portland United 1 Ringwood Town 0, Romsey Town 1
(table at Dec 1).....	P	W	D	L	F	A	Pts
New Milton Town	18	13	3	2	51	18	42
Frimley Green	20	12	5	3	51	25	41
Bemerton H H Res.	19	12	3	4	44	23	39
Amesbury Town	18	11	5	2	34	19	38
Hamworthy United	18	10	4	4	45	24	34
East Cowes Victoria	15	10	2	3	30	16	32
Newport IOW	17	9	4	4	35	22	31
Fleetlands	18	8	6	4	40	27	30
Ringwood Town	18	7	7	4	32	28	28
Downton	18	8	3	7	31	29	27
Fawley	19	6	4	9	34	35	22
Romsey Town	19	6	4	9	27	36	22
Lymington Town	19	7	3	9	35	42	24
Andover New Street	19	5	5	9	25	38	20
Alresford Town	18	4	6	8	28	36	18
Tadley Calleva Res.	19	4	4	11	29	46	16
Totton & Eling	18	4	3	11	23	44	15
AFC Aldermaston	17	3	5	9	20	37	14
Folland Sports	18	3	5	10	19	40	14
Whitchurch United	19	3	2	14	21	52	11
Verwood Town	18	3	1	14	15	53	10
Ash United	18	2	2	14	21	57	8
JEWSON WESTERN LEAGUE DIVISION ONE
AEK Boco 2 Avonmouth 0, Bradford Town 1 Keynsham Town 1, Cadbury Heath 0 Christchurch 3, Cribbs Res. 0 Radstock Town 5, Lebeq Hospital 1 Brislington 3, Longwell Green Spts 3 Hallen 3, Mendip Broadwalk 5 Warminster Town 1, Sturminster Newton 1 Bitton 2, Wells City 3 Calne Town 0
(table at Dec 1).....	P	W	D	L	F	A	Pts
Hallen	23	16	5	2	49	18	53
Bristol Telephones	22	16	4	2	51	21	52
Portland Town	20	14	3	3	45	16	45
Bitton Res.	21	13	3	5	48	28	42
Radstock Town	22	12	5	5	43	27	41
Mendip Broadwalk	19	11	4	4	39	20	37
Longwell Green Spts	21	11	2	8	40	33	35
Wells City	20	10	4	6	38	29	34
AEK Boco	21	10	3	8	33	31	33
Cadbury Heath	21	9	4	8	36	33	31
Odd Down	22	9	4	9	33	35	31
Sturminster Newton	20	8	4	8	32	31	28
AEK Boco	20	8	3	9	34	38	27
Christchurch	21	7	5	9	36	39	26
Shirehampton	19	7	3	9	31	36	24
Keynsham Town	22	6	4	12	30	42	22
Bradford Town	20	6	3	11	27	40	21
Hengrove Athletic	21	5	5	11	26	38	20
Warminster Town	20	5	3	12	24	44	18
Calne Town	21	4	5	12	21	43	17
Odd Down	22	4	3	15	21	47	15
Keynsham Town Res	20	3	4	13	18	45	13
Avonmouth	20	2	3	15	15	55	9
OTHER LEAGUES
FOSTERS ANGLIAN COMBINATION PREMIER DIVISION
Mundford 1 Easton 2, Norwich CEYMS 3 Beccles Town 0, Sheringham 3 Acle United 2, Sprowston 1 Aylsham 0, Watton United 2 UEA 1, Wroxham Res. 0 Bungay Town 1, Yelverton 2 Long Stratton 2
(table at Dec 1).....	P	W	D	L	F	A	Pts
Acle United	13	9	3	1	45	17	30
Wroxham Res.	13	9	1	3	38	15	28
Easton	14	8	3	3	35	22	27
Bungay Town	13	7	3	3	30	17	24
Norwich CEYMS	13	7	2	4	29	20	23
Long Stratton	12	6	3	3	23	15	21
Sheringham Res.	14	6	2	6	27	26	20
Beccles Town	12	5	3	4	25	22	18
Sprowston Ath.	14	5	2	7	24	31	17
Aylsham	13	5	1	7	20	28	16
Mundford	12	4	2	6	22	27	14
Watton United	13	4	1	8	20	32	13
UEA	14	3	3	8	18	34	12
Yelverton	13	2	4	7	16	30	10
Mulbarton Res.	13	2	3	8	15	35	9
BEDFORDSHIRE LEAGUE SPORTSFORM PREMIER DIVISION
Biggleswade Utd Res. 4 Shefford T&C Res. 1, Cranfield United Res. 3 Crawley Green Res. 0
(table at Dec 1).....	P	W	D	L	F	A	Pts
Wootton Blue Cross	12	9	2	1	38	12	29
AFC Oakley M&DH	13	9	1	3	40	18	28
Shefford T&C Res.	12	8	2	2	33	15	26
Sandy	12	7	2	3	31	19	23
M'hs Shelton Rovers	12	6	3	3	25	17	21
Caldecote	13	6	2	5	28	24	20
Renhold United	11	5	3	3	24	17	18
Elstow Abbey	12	4	2	6	20	26	14
Riseley Sports	12	3	2	7	18	30	11
	P	W	D	L	F	A	Pts
Tottenhoe Res.	9	3	2	4	14	18	11
Biggleswade Res.	11	3	2	6	20	36	11
Crawley Green Res.	10	2	2	6	17	30	8
Flitwick Town	11	2	1	8	13	37	7
Shefford T&C Res.	10	2	0	8	8	31	6
CSI CAMBRIDGESHIRE COUNTY LEAGUE ADCOCK PREM. DIV.
Cambridge University Press 3 Milton 2, Waterbeach St Mary 0 West Wratting 1
(table at Dec 1).....	P	W	D	L	F	A	Pts
Fulbourn Institute	13	10	2	1	45	15	32
Cambridge Univ. Press	13	9	2	2	40	20	29
Waterbeach	13	8	2	3	35	18	26
West Wratting	14	7	3	4	33	25	24
Milton	13	7	2	4	30	22	23
Great Shelford	12	6	3	3	27	19	21
Newmarket Town Res.	13	6	2	5	29	27	20
Hardwick	13	6	1	6	25	27	19
Ely City Res.	12	5	3	4	24	21	18
Cottenham United	13	4	3	6	22	28	15
Harlington Hinchbr.	12	3	5	4	18	20	14
Witchford	13	3	2	8	18	35	11
Lakenheath	12	2	3	7	14	30	9
Linton Granta	12	2	2	8	12	33	8
Soham United	13	1	3	9	13	39	6
ABACUS CENTRAL MIDLANDS LEAGUE
South: AFC Normanton 1 Linby Colliery Welfare 1, Cromford/Kirkswirth 3 Holbrook St Michs 2, Derby Singh Brothers 5 Bakewell Town 3, Graham St Prims 4 Mickleover RBL 2, Holbrook Sports 1 Teversal 2, Melbourne Dynamo 1 Gedling Southbank 1, Newark Town 0 Ravenstone 0, Sutton Town 0, Ivanhoe 1 Melbourne Dynamo 1
ESSEX ALLIANCE SENIOR DIVISION
Ongar Town 1 Walthamstow Res. 1, Woodford Town Res. 1 Sporting Hackney 1
MARCLIFF GLOS. COUNTY LEAGUE
Bromley Heath Utd 3 Sharpness 4, Cheltenham CS 2 Chalford 1, Filton Athletic 2 Almondsbury 2, Frampton United 2 Quedgeley Wdrs 0, Gala Wilton 1 Stoke Gifford Utd 2, Hanham Athletic 2 Wick 3, Hardwicke 1 Henbury 8, Rockleaze Rangers 1, Southmead CS Sports 1 Lydney Town Res. 0
ZOOMM HEREFORDSHIRE COUNTY LEAGUE PREMIER DIVISION
AFC Kempsey 3 Worcester City Res. 1, Alcester Town 1 Ross Town 0, Ledbury 1 Tupsley 1, Fownhope 2 Bromyard Town 1, Hinton 1 Westfields Res 3, Tenbury Town 2, Vale 2 Gloucester City Res. 1, Westfields Res. 3, Kington Town 0
NRG KENT COUNTY LEAGUE PREMIER DIVISION
Bromley Green 1 Forest Row 1, Bridge Village 1 Ramsgate Ath. 4, Cuxton 1 Hawkinge 3, Stansfeld Res. 0, Hollands & Blair Res. 1 Bearsted 1, Snodland Town Res. 0 Kennington 1
(table at Dec 1).....	P	W	D	L	F	A	Pts
Hawkinge	17	11	3	3	42	20	36
Bearsted	14	10	3	1	32	13	33
Lydd Town Res.	16	9	3	4	35	22	30
Stansfeld (O&B)	15	9	2	4	33	21	29
Forest Row	16	8	3	5	30	25	27
Peckham Town	17	7	5	5	29	24	26
Hollands & Blair Res.	16	7	3	6	31	27	24
Kennington	15	6	4	5	25	23	22
Snodland Town Res.	15	5	3	7	22	27	18
Bridge Village	16	4	4	8	20	31	16
Cuxton 91	16	4	3	9	19	33	15
Bexley	16	3	3	10	17	36	12
Kent Football Utd Res.	15	2	4	9	14	31	10
LIVERPOOL COUNTY PREMIER LEAGUE
AFC Liverpool Res. 3 Liverpool NALGO 5, FC King Harry 3 The Grenadier 2, Old Xaverians 3 Sefton Athletic 2, Waterloo Dock 1 Halewood Apollo 4
PREMIER SPORTS SOUTHERN COMBINATION DIVISION TWO
Bosham 2 Brighton Electricity 5, Chichester City B 2 Hailsham 4, Ferring 6 TD Shipley 5, Rustington 1 Capel 2, Southwater 5 Upper Beeding 0, Worthing T. 2 St Francis Rangers 4
(table at Dec 1).....	P	W	D	L	F	A	Pts
Rustington	13	11	2	0	55	10	35
Jarvis Brook	14	10	3	1	43	16	33
Ferring	13	9	3	1	31	15	30
Capel	13	7	2	4	37	27	23
TD Shipley	15	6	4	5	40	28	22
West Worthing	14	7	0	4	24	18	21
St Francis Rangers	12	6	3	3	27	29	15
Worthing Town Res.	13	5	1	7	30	31	15
Southwater	12	4	2	6	28	28	14
Ferring	11	3	1	7	20	30	10
Hailsham Town	13	3	1	9	28	48	10
Upper Beeding	14	1	1	12	13	57	4
Brighton Electricity	14	1	0	13	16	52	3
SPARTAN SOUTH MIDLANDS LEAGUE DIVISION TWO
Bovingdon 1 New Bradwell St Peter 3, Caddington 2 Old Bradwell Utd 0, Codicote 1 Stony Stratford Town 3, Newport Pagnell Res. 1 Aston Clinton 1, Padbury Village 1 Buckingham Ath. 2, Crawley Green 2, Cockfosters 1, Potters Bar 0, Mk Irish Res. 4
TWR BI FOLDS WEARSIDE LEAGUE DIVISION ONE
Brandon United 3 Stockton 1, Durham Corinthians 3 Silksworth CW 2, Durham United 2 Farringdon Detached 1, Easington Colliery Res. 1 Darlington Railway 3, Hartlepool 3, Annfield Plain 1, Richmond Town 1 Gateshead Leam 3, Seaton Carew 2 South Moor 4, West Auckland Res. 1 Windscale 1
GODDAY WEST CHESHIRE LEAGUE DIVISION ONE
AFC Knowsley 1 Ellesmere P'h Town 2, Helsby 3 Capenhurst Villa 1, Island REMYCA Res. 0 Newton 2, Marshalls 6 Runcorn Sports 1, Rainhill Town 1 Heswall 2, South Liverpool Res. 1 Vauxhall Motors Res. 0
KITCHEN KIT SOUTH WEST PENINSULA LEAGUE WALTER C PARSON CUP 3RD ROUND
Kitchen Kit South West Peninsula League Walter C Parson Cup 3rd Round: Crediton Utd 4 Wadebridge Town 1, Newquay 4 Bridport 0, Penzance 2 Stoke Gabriel & Torbay Police 0
Breedon Highland League: Formartine United 1 Buckie Thistle 2, Clachnacuddin 1 Forres Mechanics 1, Keith 0 Brora Rangers 2, Nairn County 1 Deveronvale 2, Strathspey Thistle 1 Huntly 2, Turriff United 3 Inverurie Locos 1, Wick Academy 1 Fort William 3, Lossiemouth 2 Rothes 0
Park's Lowland League: Berwick Rangers 1 Hearts of Midlothian B 2, Gala 1 Edinburgh University 1, Rangers B 2, Vale of Leithen 2, Civil Service Strollers 3 University of Stirling 3, Spartans 4 Broomhill 2
JD Cymru North: Buckley Town 2 Bangor 1876 1, Colwyn Bay 6 Gresford Athletic 0, Flint Mountain 2 Prestatyn Town 2, Holywell Town 2 Penrhyncoch 1, Llandudno 2 Guilsfield 0, Llay Welfare 3 Denbigh Town 1, Mold Alexandra 1 Ruthin Town 1
JD Cymru South: Afan Lido 2 Penrhiwceiber Rangers 0, Baglan Dragons 0 Trefelin BGC 1, Cardiff Draconians 2 Cambrian United 0, Carmarthen Town 1 Llantwit Fardre 1, Cwmbran Celtic 4 Trethomas Bluebirds 2, Pontypridd 4 Trefelin BGC 2, Taffs Well 1 Ammanford 2
Biggleswade Res. 1 AFC Oakley 1, Elstow Abbey 1 Marston Shelton Rovers 2, Flitwick Town 4 FC Bedford 1, Caldecote 0 Riseley Sports 3, Crescents 2 Flitwick 0, Tottenhoe 0 Caldecote 0 (4-5p)
Jelson Homes Leics Senior Cup QF: Leicester Athletico 3 Sileby Town 0
Les Underwood Northants Junior Cup 3rd Round: Halse United 4 Corby Pegasus 0, Rothwell Corinthians 2 Moulton 5, Rushden & Higham United 2 Roade 2 (0-3p)
FRIDAY'S RESULTS
Cherry Red Combined Counties League Premier South: Spelthorne Sports 0 Walton & Hersham 1. Thurlow Nunn Eastern Counties League Prem: Dereham Town 1 Lakenheath 1. Essex Senior League: Woodford Town 3 Takeley 1. Northern Counties East League Div One: Nostell MW 0 Horbury Town 2, Worsbrough Bridge 6 Athersley Recreation 2. EBAC Northern League Div One: Bishop Auckland 1 West Auckland Town 2, Newcastle Blue Star 4 Whitley Bay 1. Black Dragon Presents Northern League Div Two: Esh Winning 1 Hebburn Town Res 1.
MANCHESTER LEAGUE PREMIER DIVISION
Baguley 1 Atherton Town 1, Bolton County 1 Chadderton Res. 2, Rochdale Sacred Heart 0 Dukinfield Town 4, Stockport Georgians 1 Trafford Res. 5
MIDLAND LEAGUE DIVISION TWO
Cadbury Athletic 1 Knowle 3, Earlswood Town 0 Boldmere Sports & Social Falcons 3, Redditch Borough 1 Coventry Sphinx Res 2, Feckenham 1 Smithswood Firs 2, Northfield Town 2 AFC Solihull 0
Compiled by James Wright (james.m.wright@talk21.com) and Regan Vallé (reganvalle@gmail.com)
